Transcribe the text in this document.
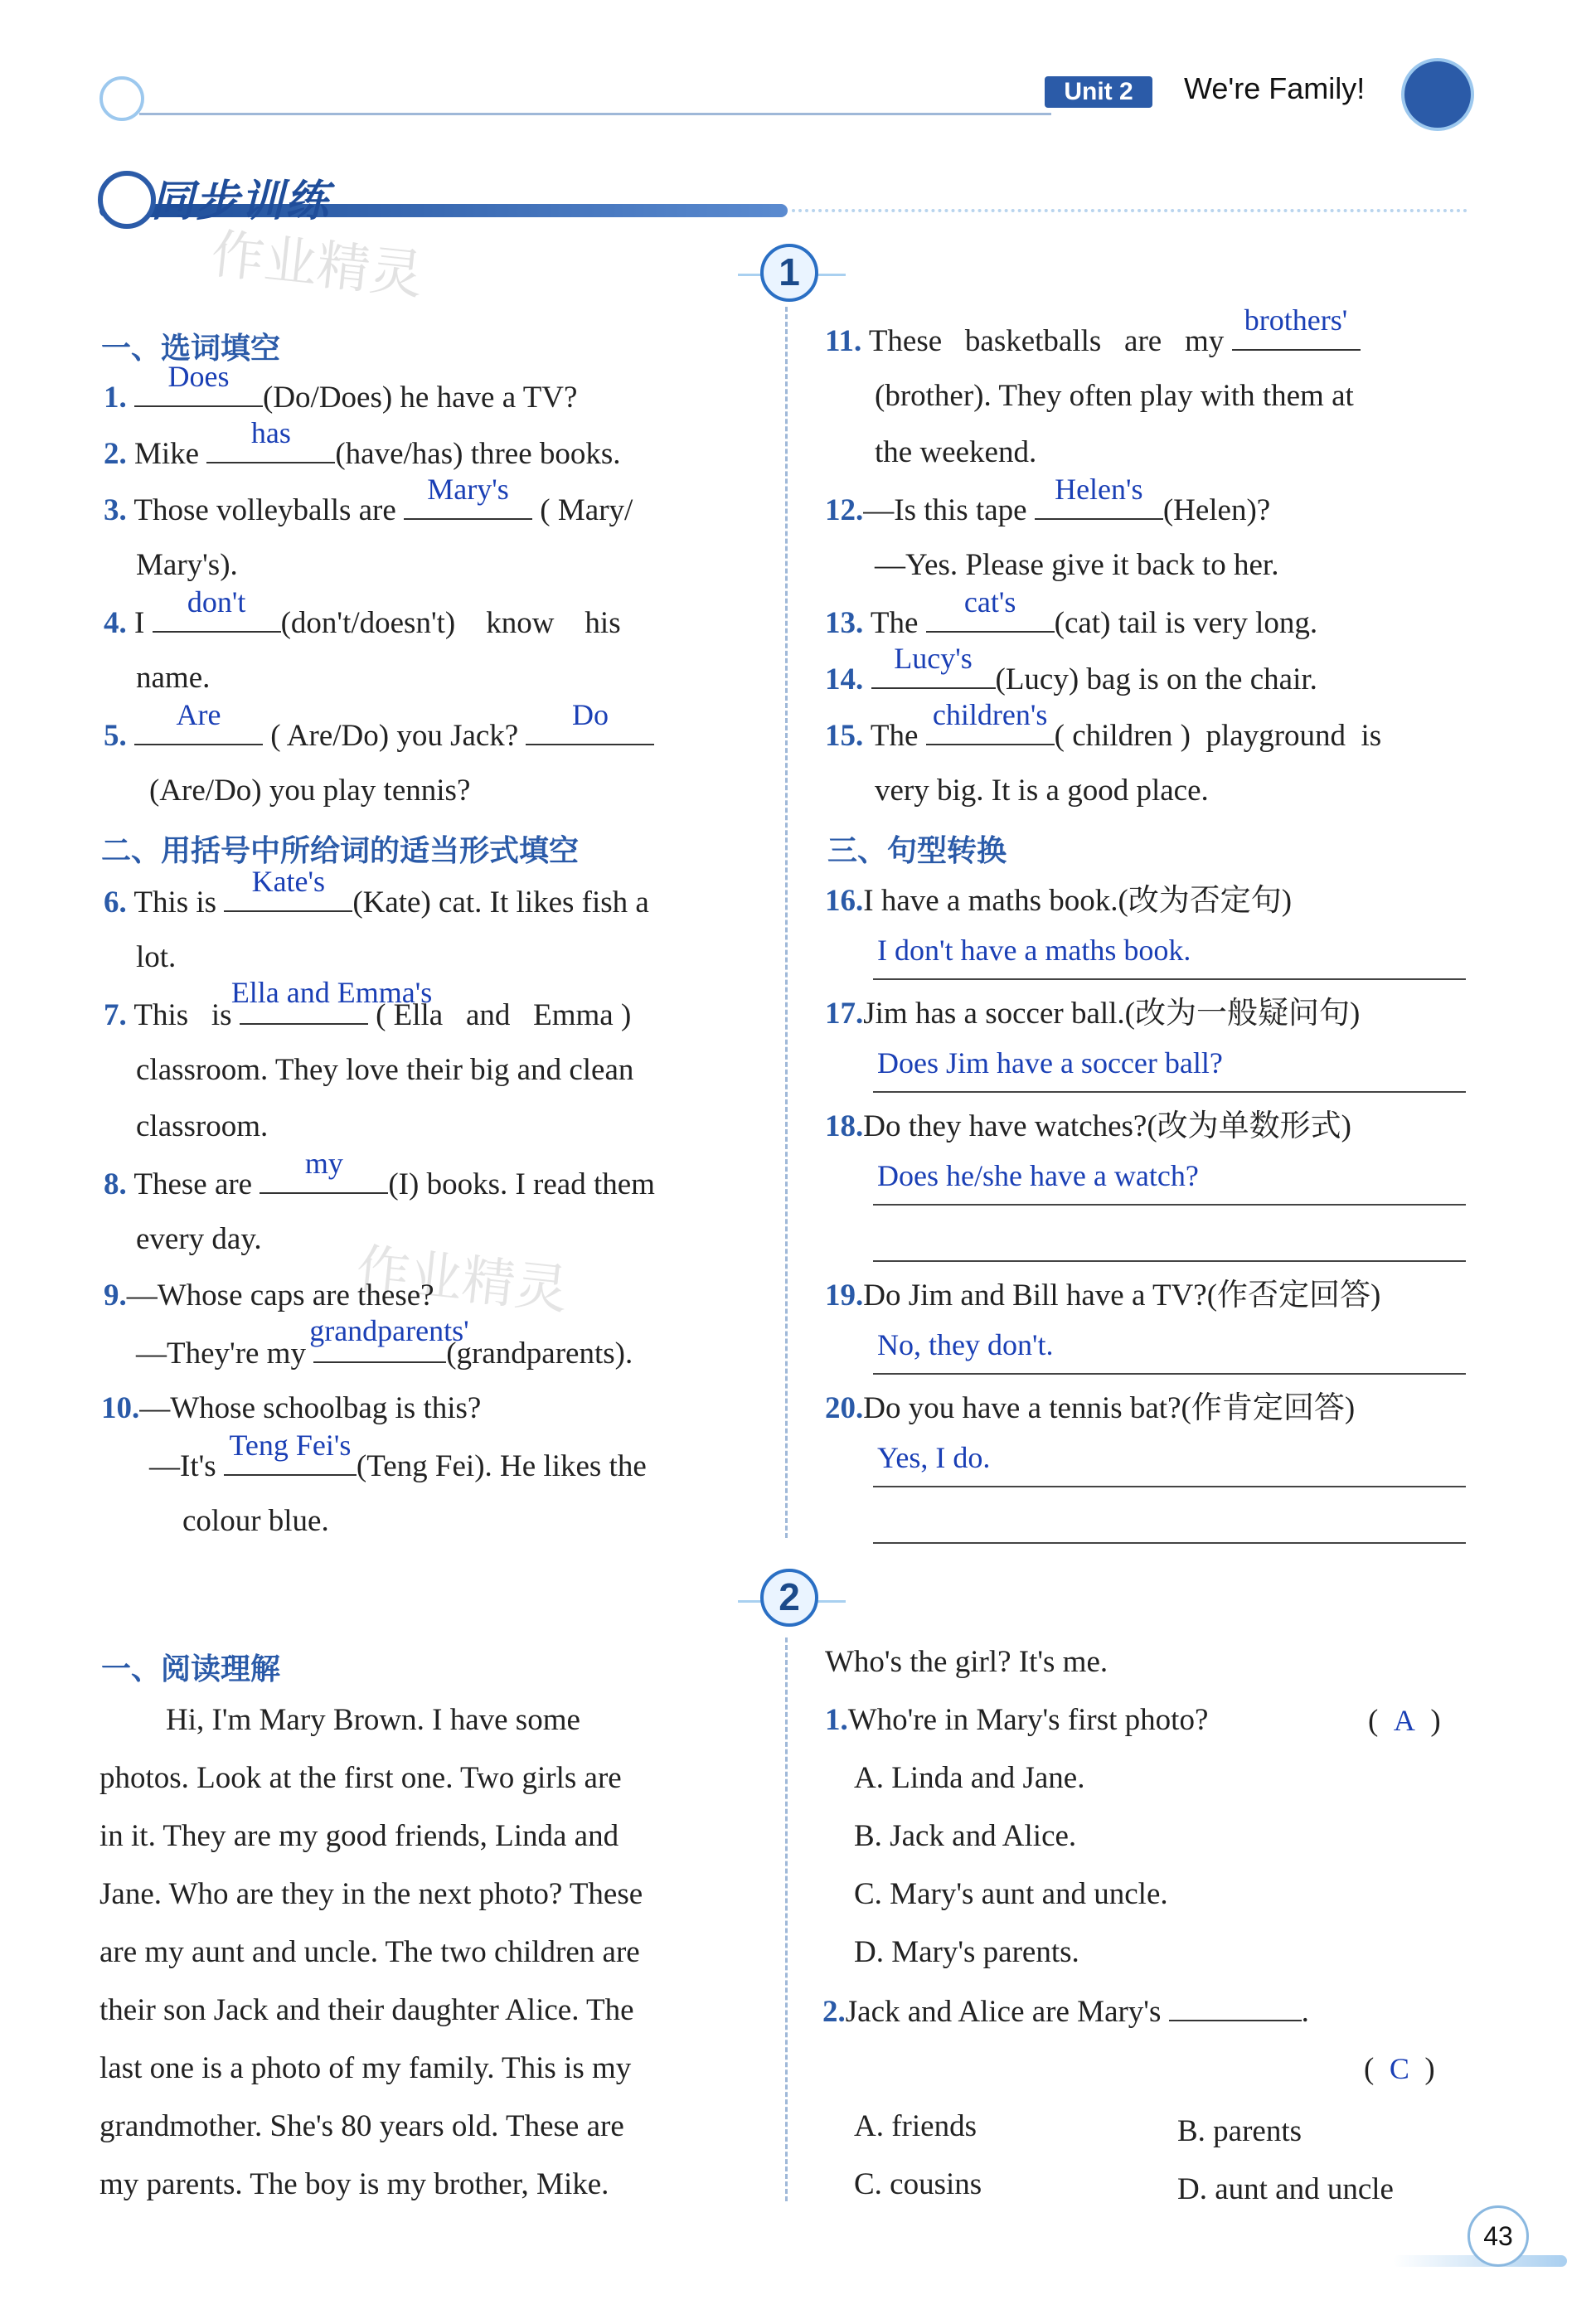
Unit 2	We're Family!
同步训练
作业精灵
作业精灵
1
一、选词填空
1.
Does
(Do/Does) he have a TV?
2. Mike
has
(have/has) three books.
3. Those volleyballs are
Mary's
( Mary/
Mary's).
4. I
don't
(don't/doesn't)    know    his
name.
5.
Are
( Are/Do) you Jack?
Do
(Are/Do) you play tennis?
二、用括号中所给词的适当形式填空
6. This is
Kate's
(Kate) cat. It likes fish a
lot.
7. This   is
Ella and Emma's
( Ella   and   Emma )
classroom. They love their big and clean
classroom.
8. These are
my
(I) books. I read them
every day.
9.—Whose caps are these?
—They're my
grandparents'
(grandparents).
10.—Whose schoolbag is this?
—It's
Teng Fei's
(Teng Fei). He likes the
colour blue.
11. These   basketballs   are   my
brothers'
(brother). They often play with them at
the weekend.
12.—Is this tape
Helen's
(Helen)?
—Yes. Please give it back to her.
13. The
cat's
(cat) tail is very long.
14.
Lucy's
(Lucy) bag is on the chair.
15. The
children's
( children )  playground  is
very big. It is a good place.
三、句型转换
16.I have a maths book.(改为否定句)
I don't have a maths book.
17.Jim has a soccer ball.(改为一般疑问句)
Does Jim have a soccer ball?
18.Do they have watches?(改为单数形式)
Does he/she have a watch?
19.Do Jim and Bill have a TV?(作否定回答)
No, they don't.
20.Do you have a tennis bat?(作肯定回答)
Yes, I do.
2
一、阅读理解
Hi, I'm Mary Brown. I have some
photos. Look at the first one. Two girls are
in it. They are my good friends, Linda and
Jane. Who are they in the next photo? These
are my aunt and uncle. The two children are
their son Jack and their daughter Alice. The
last one is a photo of my family. This is my
grandmother. She's 80 years old. These are
my parents. The boy is my brother, Mike.
Who's the girl? It's me.
1.Who're in Mary's first photo?	( A )
A. Linda and Jane.
B. Jack and Alice.
C. Mary's aunt and uncle.
D. Mary's parents.
2.Jack and Alice are Mary's	.
( C )
A. friends	B. parents
C. cousins	D. aunt and uncle
43
